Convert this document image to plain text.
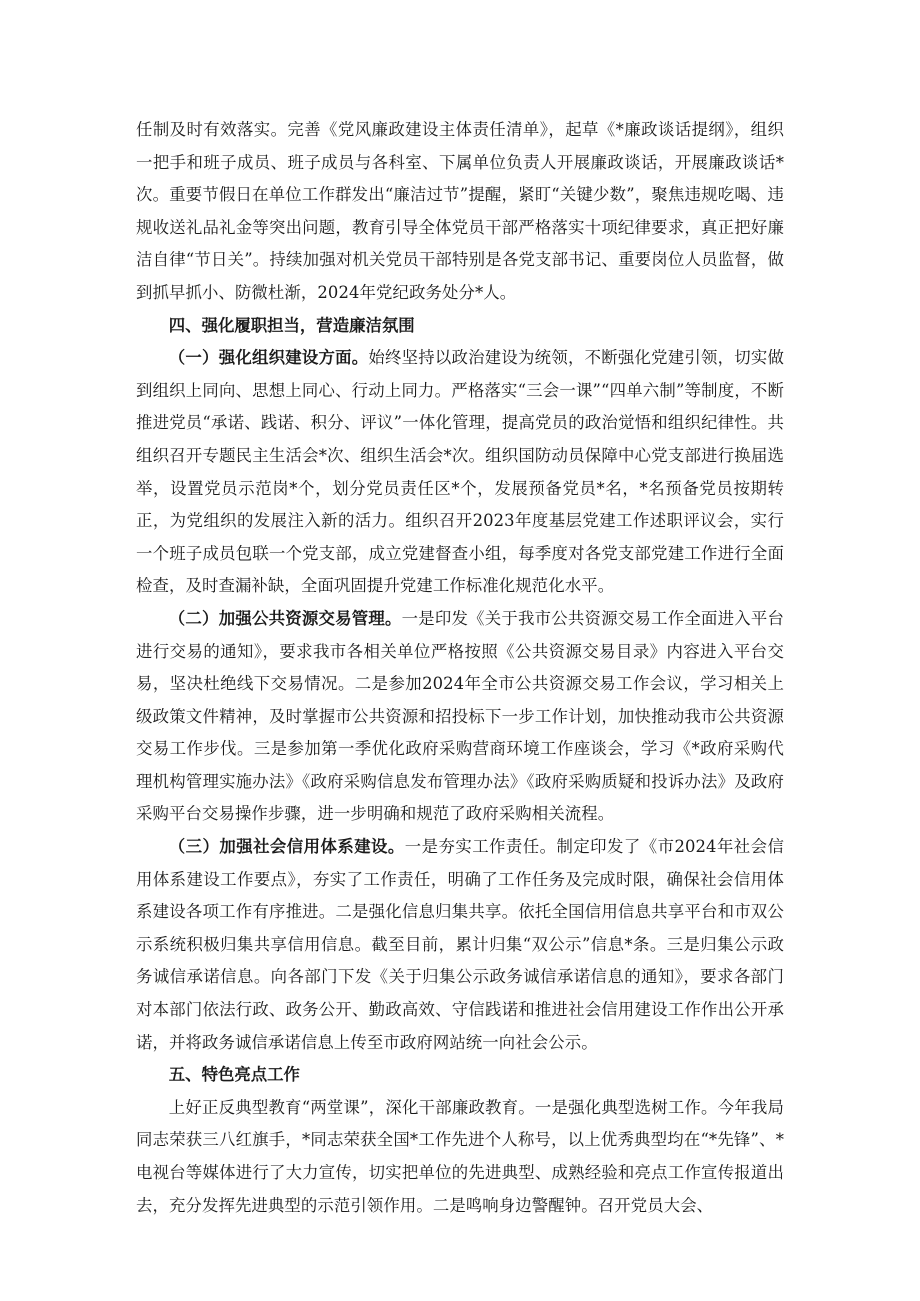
任制及时有效落实。完善《党风廉政建设主体责任清单》，起草《*廉政谈话提纲》，组织一把手和班子成员、班子成员与各科室、下属单位负责人开展廉政谈话，开展廉政谈话*次。重要节假日在单位工作群发出“廉洁过节”提醒，紧盯“关键少数”，聚焦违规吃喝、违规收送礼品礼金等突出问题，教育引导全体党员干部严格落实十项纪律要求，真正把好廉洁自律“节日关”。持续加强对机关党员干部特别是各党支部书记、重要岗位人员监督，做到抓早抓小、防微杜渐，2024年党纪政务处分*人。

四、强化履职担当，营造廉洁氛围

（一）强化组织建设方面。始终坚持以政治建设为统领，不断强化党建引领，切实做到组织上同向、思想上同心、行动上同力。严格落实“三会一课”“四单六制”等制度，不断推进党员“承诺、践诺、积分、评议”一体化管理，提高党员的政治觉悟和组织纪律性。共组织召开专题民主生活会*次、组织生活会*次。组织国防动员保障中心党支部进行换届选举，设置党员示范岗*个，划分党员责任区*个，发展预备党员*名，*名预备党员按期转正，为党组织的发展注入新的活力。组织召开2023年度基层党建工作述职评议会，实行一个班子成员包联一个党支部，成立党建督查小组，每季度对各党支部党建工作进行全面检查，及时查漏补缺，全面巩固提升党建工作标准化规范化水平。

（二）加强公共资源交易管理。一是印发《关于我市公共资源交易工作全面进入平台进行交易的通知》，要求我市各相关单位严格按照《公共资源交易目录》内容进入平台交易，坚决杜绝线下交易情况。二是参加2024年全市公共资源交易工作会议，学习相关上级政策文件精神，及时掌握市公共资源和招投标下一步工作计划，加快推动我市公共资源交易工作步伐。三是参加第一季优化政府采购营商环境工作座谈会，学习《*政府采购代理机构管理实施办法》《政府采购信息发布管理办法》《政府采购质疑和投诉办法》及政府采购平台交易操作步骤，进一步明确和规范了政府采购相关流程。

（三）加强社会信用体系建设。一是夯实工作责任。制定印发了《市2024年社会信用体系建设工作要点》，夯实了工作责任，明确了工作任务及完成时限，确保社会信用体系建设各项工作有序推进。二是强化信息归集共享。依托全国信用信息共享平台和市双公示系统积极归集共享信用信息。截至目前，累计归集“双公示”信息*条。三是归集公示政务诚信承诺信息。向各部门下发《关于归集公示政务诚信承诺信息的通知》，要求各部门对本部门依法行政、政务公开、勤政高效、守信践诺和推进社会信用建设工作作出公开承诺，并将政务诚信承诺信息上传至市政府网站统一向社会公示。

五、特色亮点工作

上好正反典型教育“两堂课”，深化干部廉政教育。一是强化典型选树工作。今年我局同志荣获三八红旗手，*同志荣获全国*工作先进个人称号，以上优秀典型均在“*先锋”、*电视台等媒体进行了大力宣传，切实把单位的先进典型、成熟经验和亮点工作宣传报道出去，充分发挥先进典型的示范引领作用。二是鸣响身边警醒钟。召开党员大会、
